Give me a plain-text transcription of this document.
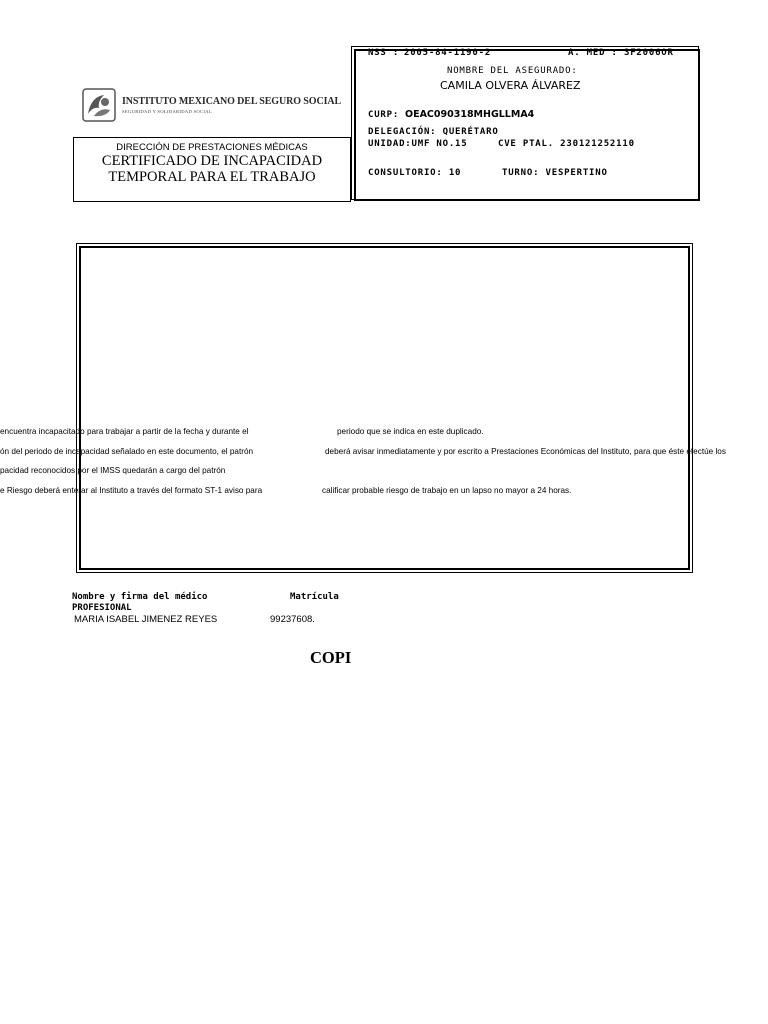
INSTITUTO MEXICANO DEL SEGURO SOCIAL
SEGURIDAD Y SOLIDARIDAD SOCIAL
DIRECCIÓN DE PRESTACIONES MÉDICAS
CERTIFICADO DE INCAPACIDAD
TEMPORAL PARA EL TRABAJO
NSS : 2005-84-1190-2	A. MED : 3F2006OR
NOMBRE DEL ASEGURADO:
CAMILA OLVERA ÁLVAREZ
CURP: OEAC090318MHGLLMA4
DELEGACIÓN: QUERÉTARO
UNIDAD:UMF NO.15	CVE PTAL. 230121252110
CONSULTORIO: 10	TURNO: VESPERTINO
encuentra incapacitado para trabajar a partir de la fecha y durante el	periodo que se indica en este duplicado.
ón del periodo de incapacidad señalado en este documento, el patrón	deberá avisar inmediatamente y por escrito a Prestaciones Económicas del Instituto, para que éste efectúe los
pacidad reconocidos por el IMSS quedarán a cargo del patrón
e Riesgo deberá enterar al Instituto a través del formato ST-1 aviso para	calificar probable riesgo de trabajo en un lapso no mayor a 24 horas.
Nombre y firma del médico	Matrícula
PROFESIONAL
MARIA ISABEL JIMENEZ REYES	99237608.
COPI
